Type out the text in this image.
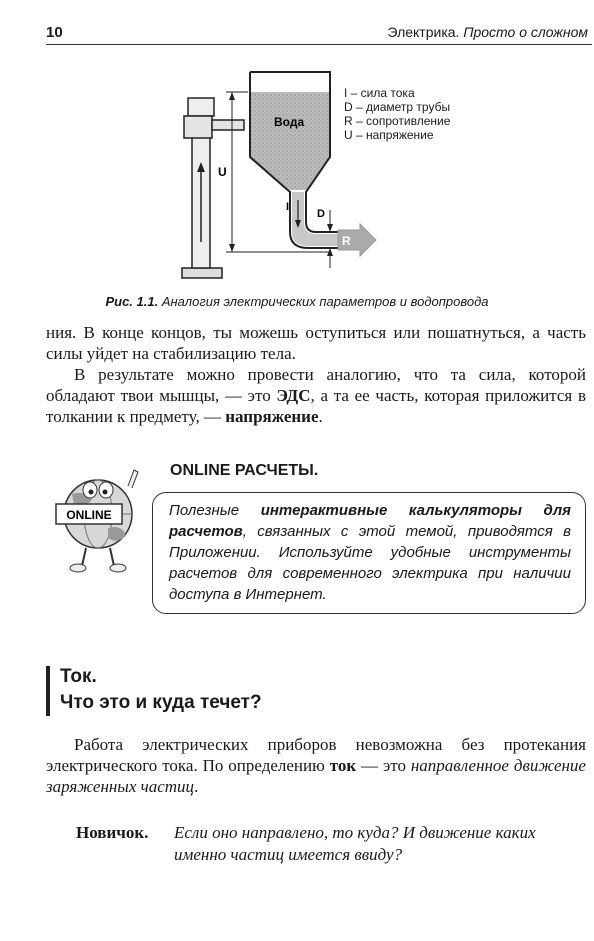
10	Электрика. Просто о сложном
U
Вода
I
R
D
I – сила тока
D – диаметр трубы
R – сопротивление
U – напряжение
Рис. 1.1. Аналогия электрических параметров и водопровода
ния. В конце концов, ты можешь оступиться или пошатнуться, а часть силы уйдет на стабилизацию тела.
В результате можно провести аналогию, что та сила, которой обладают твои мышцы, — это ЭДС, а та ее часть, которая приложится в толкании к предмету, — напряжение.
ONLINE
ONLINE РАСЧЕТЫ.
Полезные интерактивные калькуляторы для расчетов, связанных с этой темой, приводятся в Приложении. Используйте удобные инструменты расчетов для современного электрика при наличии доступа в Интернет.
Ток.
Что это и куда течет?
Работа электрических приборов невозможна без протекания электрического тока. По определению ток — это направленное движение заряженных частиц.
Новичок. Если оно направлено, то куда? И движение каких именно частиц имеется ввиду?
